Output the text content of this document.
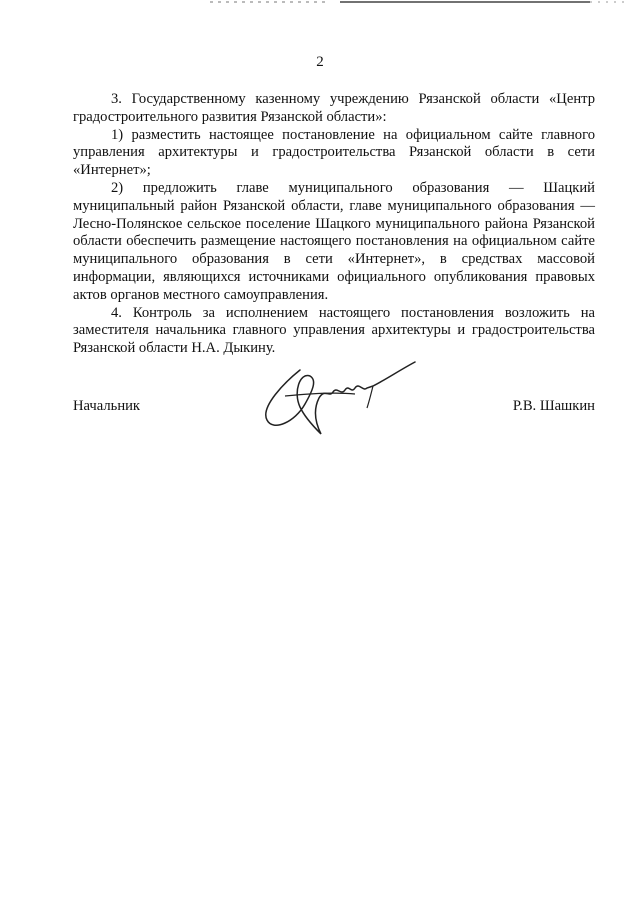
2

3. Государственному казенному учреждению Рязанской области «Центр градостроительного развития Рязанской области»:

1) разместить настоящее постановление на официальном сайте главного управления архитектуры и градостроительства Рязанской области в сети «Интернет»;

2) предложить главе муниципального образования — Шацкий муниципальный район Рязанской области, главе муниципального образования — Лесно-Полянское сельское поселение Шацкого муниципального района Рязанской области обеспечить размещение настоящего постановления на официальном сайте муниципального образования в сети «Интернет», в средствах массовой информации, являющихся источниками официального опубликования правовых актов органов местного самоуправления.

4. Контроль за исполнением настоящего постановления возложить на заместителя начальника главного управления архитектуры и градостроительства Рязанской области Н.А. Дыкину.

Начальник	Р.В. Шашкин
